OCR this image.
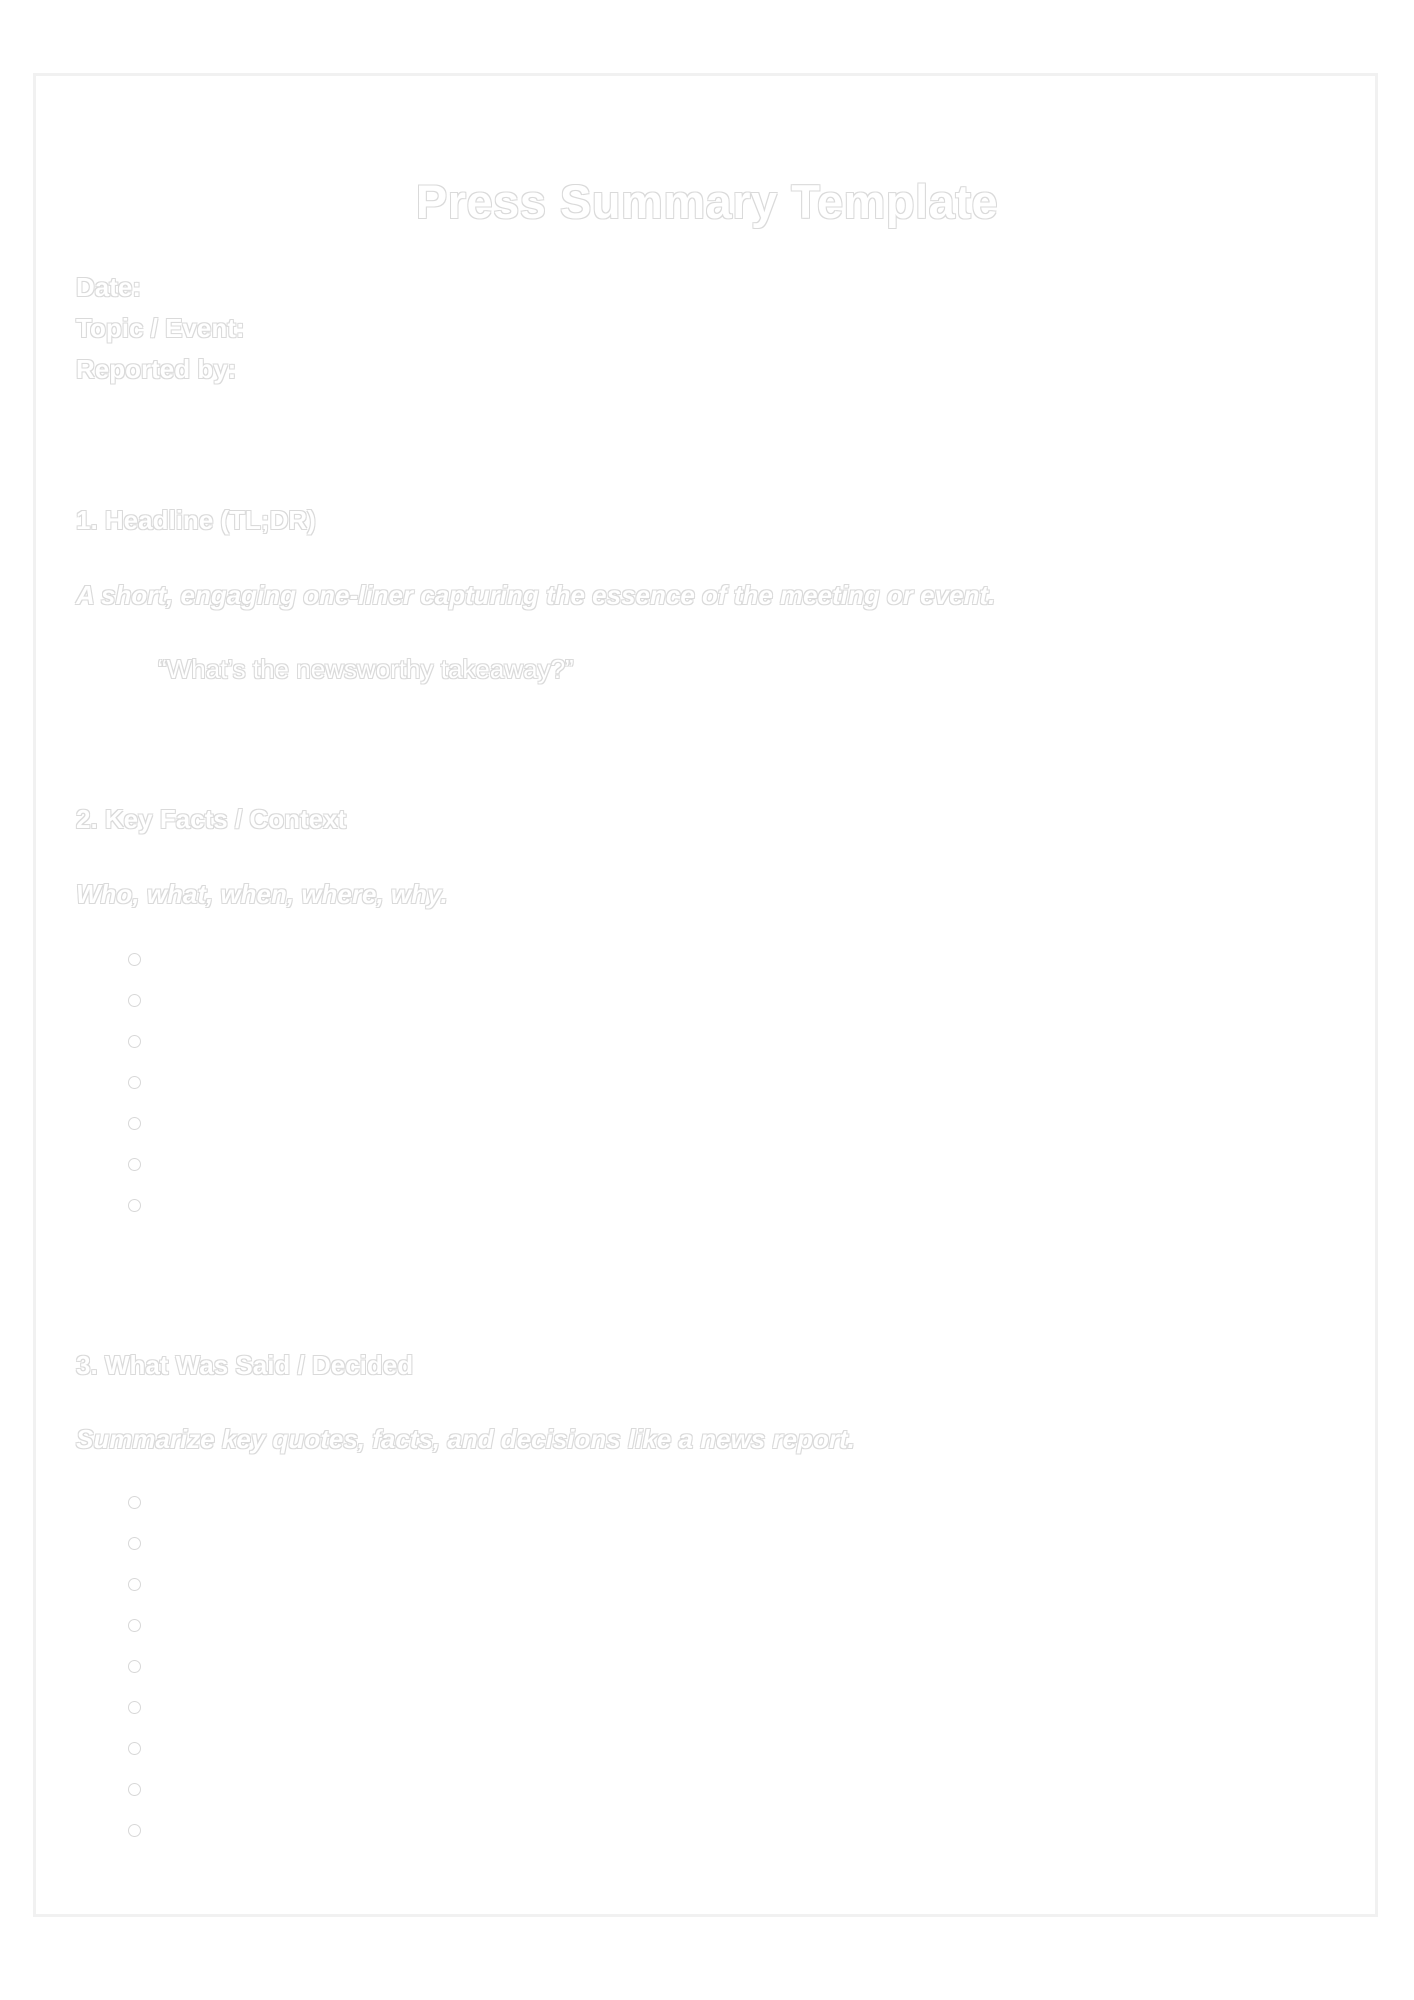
Press Summary Template
Date:
Topic / Event:
Reported by:
1. Headline (TL;DR)
A short, engaging one-liner capturing the essence of the meeting or event.
“What’s the newsworthy takeaway?”
2. Key Facts / Context
Who, what, when, where, why.
3. What Was Said / Decided
Summarize key quotes, facts, and decisions like a news report.
